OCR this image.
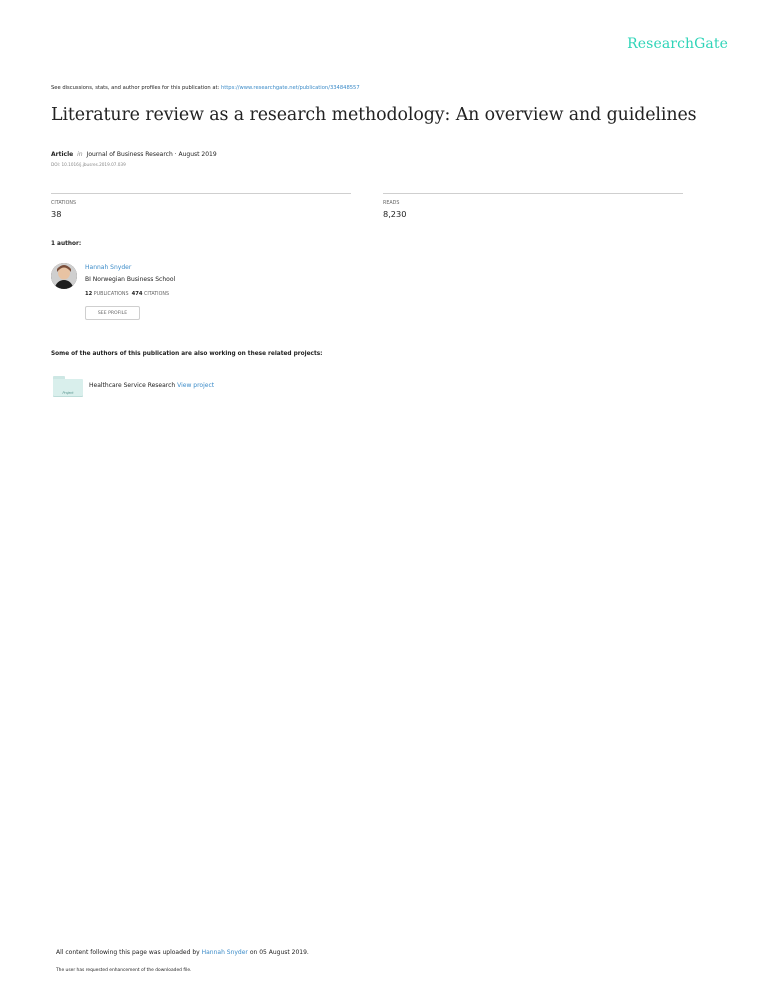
ResearchGate
See discussions, stats, and author profiles for this publication at: https://www.researchgate.net/publication/334848557
Literature review as a research methodology: An overview and guidelines
Article in Journal of Business Research · August 2019
DOI: 10.1016/j.jbusres.2019.07.039
CITATIONS
38
READS
8,230
1 author:
Hannah Snyder
BI Norwegian Business School
12 PUBLICATIONS 474 CITATIONS
SEE PROFILE
Some of the authors of this publication are also working on these related projects:
Project
Healthcare Service Research View project
All content following this page was uploaded by Hannah Snyder on 05 August 2019.
The user has requested enhancement of the downloaded file.
